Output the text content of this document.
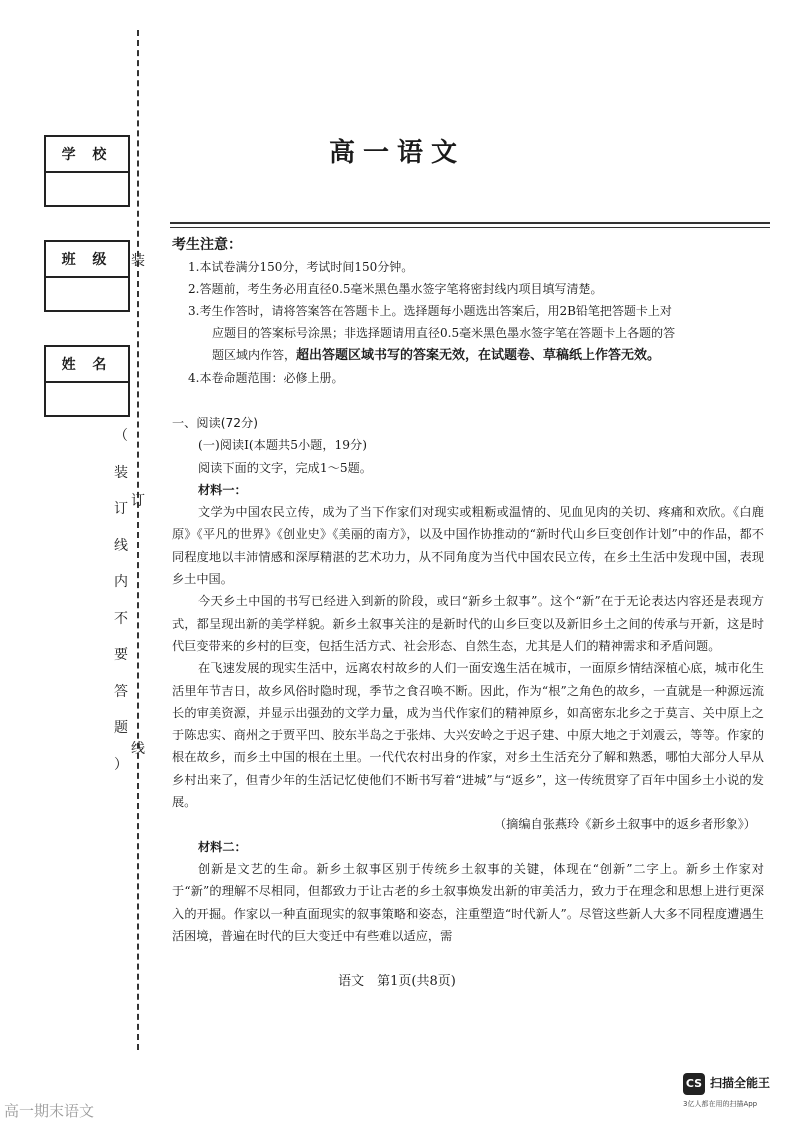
学 校
班 级
姓 名
装
订
线
（
装
订
线
内
不
要
答
题
）
高一语文
考生注意：

1.本试卷满分150分，考试时间150分钟。

2.答题前，考生务必用直径0.5毫米黑色墨水签字笔将密封线内项目填写清楚。

3.考生作答时，请将答案答在答题卡上。选择题每小题选出答案后，用2B铅笔把答题卡上对

应题目的答案标号涂黑；非选择题请用直径0.5毫米黑色墨水签字笔在答题卡上各题的答

题区域内作答，超出答题区域书写的答案无效，在试题卷、草稿纸上作答无效。

4.本卷命题范围：必修上册。

一、阅读(72分)

(一)阅读Ⅰ(本题共5小题，19分)

阅读下面的文字，完成1～5题。

材料一：

文学为中国农民立传，成为了当下作家们对现实或粗粝或温情的、见血见肉的关切、疼痛和欢欣。《白鹿原》《平凡的世界》《创业史》《美丽的南方》，以及中国作协推动的“新时代山乡巨变创作计划”中的作品，都不同程度地以丰沛情感和深厚精湛的艺术功力，从不同角度为当代中国农民立传，在乡土生活中发现中国，表现乡土中国。

今天乡土中国的书写已经进入到新的阶段，或曰“新乡土叙事”。这个“新”在于无论表达内容还是表现方式，都呈现出新的美学样貌。新乡土叙事关注的是新时代的山乡巨变以及新旧乡土之间的传承与开新，这是时代巨变带来的乡村的巨变，包括生活方式、社会形态、自然生态，尤其是人们的精神需求和矛盾问题。

在飞速发展的现实生活中，远离农村故乡的人们一面安逸生活在城市，一面原乡情结深植心底，城市化生活里年节吉日，故乡风俗时隐时现，季节之食召唤不断。因此，作为“根”之角色的故乡，一直就是一种源远流长的审美资源，并显示出强劲的文学力量，成为当代作家们的精神原乡，如高密东北乡之于莫言、关中原上之于陈忠实、商州之于贾平凹、胶东半岛之于张炜、大兴安岭之于迟子建、中原大地之于刘震云，等等。作家的根在故乡，而乡土中国的根在土里。一代代农村出身的作家，对乡土生活充分了解和熟悉，哪怕大部分人早从乡村出来了，但青少年的生活记忆使他们不断书写着“进城”与“返乡”，这一传统贯穿了百年中国乡土小说的发展。

（摘编自张燕玲《新乡土叙事中的返乡者形象》）

材料二：

创新是文艺的生命。新乡土叙事区别于传统乡土叙事的关键，体现在“创新”二字上。新乡土作家对于“新”的理解不尽相同，但都致力于让古老的乡土叙事焕发出新的审美活力，致力于在理念和思想上进行更深入的开掘。作家以一种直面现实的叙事策略和姿态，注重塑造“时代新人”。尽管这些新人大多不同程度遭遇生活困境，普遍在时代的巨大变迁中有些难以适应，需

语文　第1页(共8页)
CS 扫描全能王
3亿人都在用的扫描App
高一期末语文
